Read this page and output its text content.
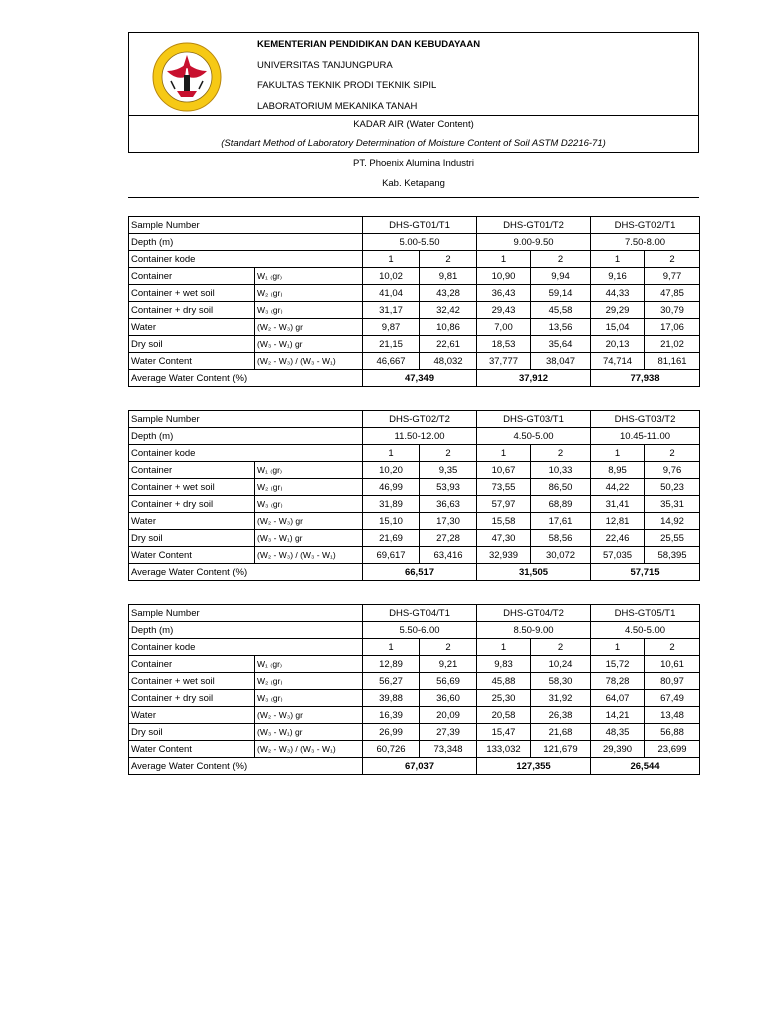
KEMENTERIAN PENDIDIKAN DAN KEBUDAYAAN
UNIVERSITAS TANJUNGPURA
FAKULTAS TEKNIK PRODI TEKNIK SIPIL
LABORATORIUM MEKANIKA TANAH
KADAR AIR (Water Content)
(Standart Method of Laboratory Determination of Moisture Content of Soil ASTM D2216-71)
PT. Phoenix Alumina Industri
Kab. Ketapang
Sample Number		DHS-GT01/T1		DHS-GT01/T2		DHS-GT02/T1	
Depth (m)		5.00-5.50		9.00-9.50		7.50-8.00	
Container kode		1	2	1	2	1	2
Container	W₁ ₍gr₎	10,02	9,81	10,90	9,94	9,16	9,77
Container + wet soil	W₂ ₍gr₎	41,04	43,28	36,43	59,14	44,33	47,85
Container + dry soil	W₃ ₍gr₎	31,17	32,42	29,43	45,58	29,29	30,79
Water	(W₂ - W₃) gr	9,87	10,86	7,00	13,56	15,04	17,06
Dry soil	(W₃ - W₁) gr	21,15	22,61	18,53	35,64	20,13	21,02
Water Content	(W₂ - W₃) / (W₃ - W₁)	46,667	48,032	37,777	38,047	74,714	81,161
Average Water Content (%)		47,349		37,912		77,938	
Sample Number		DHS-GT02/T2		DHS-GT03/T1		DHS-GT03/T2	
Depth (m)		11.50-12.00		4.50-5.00		10.45-11.00	
Container kode		1	2	1	2	1	2
Container	W₁ ₍gr₎	10,20	9,35	10,67	10,33	8,95	9,76
Container + wet soil	W₂ ₍gr₎	46,99	53,93	73,55	86,50	44,22	50,23
Container + dry soil	W₃ ₍gr₎	31,89	36,63	57,97	68,89	31,41	35,31
Water	(W₂ - W₃) gr	15,10	17,30	15,58	17,61	12,81	14,92
Dry soil	(W₃ - W₁) gr	21,69	27,28	47,30	58,56	22,46	25,55
Water Content	(W₂ - W₃) / (W₃ - W₁)	69,617	63,416	32,939	30,072	57,035	58,395
Average Water Content (%)		66,517		31,505		57,715	
Sample Number		DHS-GT04/T1		DHS-GT04/T2		DHS-GT05/T1	
Depth (m)		5.50-6.00		8.50-9.00		4.50-5.00	
Container kode		1	2	1	2	1	2
Container	W₁ ₍gr₎	12,89	9,21	9,83	10,24	15,72	10,61
Container + wet soil	W₂ ₍gr₎	56,27	56,69	45,88	58,30	78,28	80,97
Container + dry soil	W₃ ₍gr₎	39,88	36,60	25,30	31,92	64,07	67,49
Water	(W₂ - W₃) gr	16,39	20,09	20,58	26,38	14,21	13,48
Dry soil	(W₃ - W₁) gr	26,99	27,39	15,47	21,68	48,35	56,88
Water Content	(W₂ - W₃) / (W₃ - W₁)	60,726	73,348	133,032	121,679	29,390	23,699
Average Water Content (%)		67,037		127,355		26,544	
